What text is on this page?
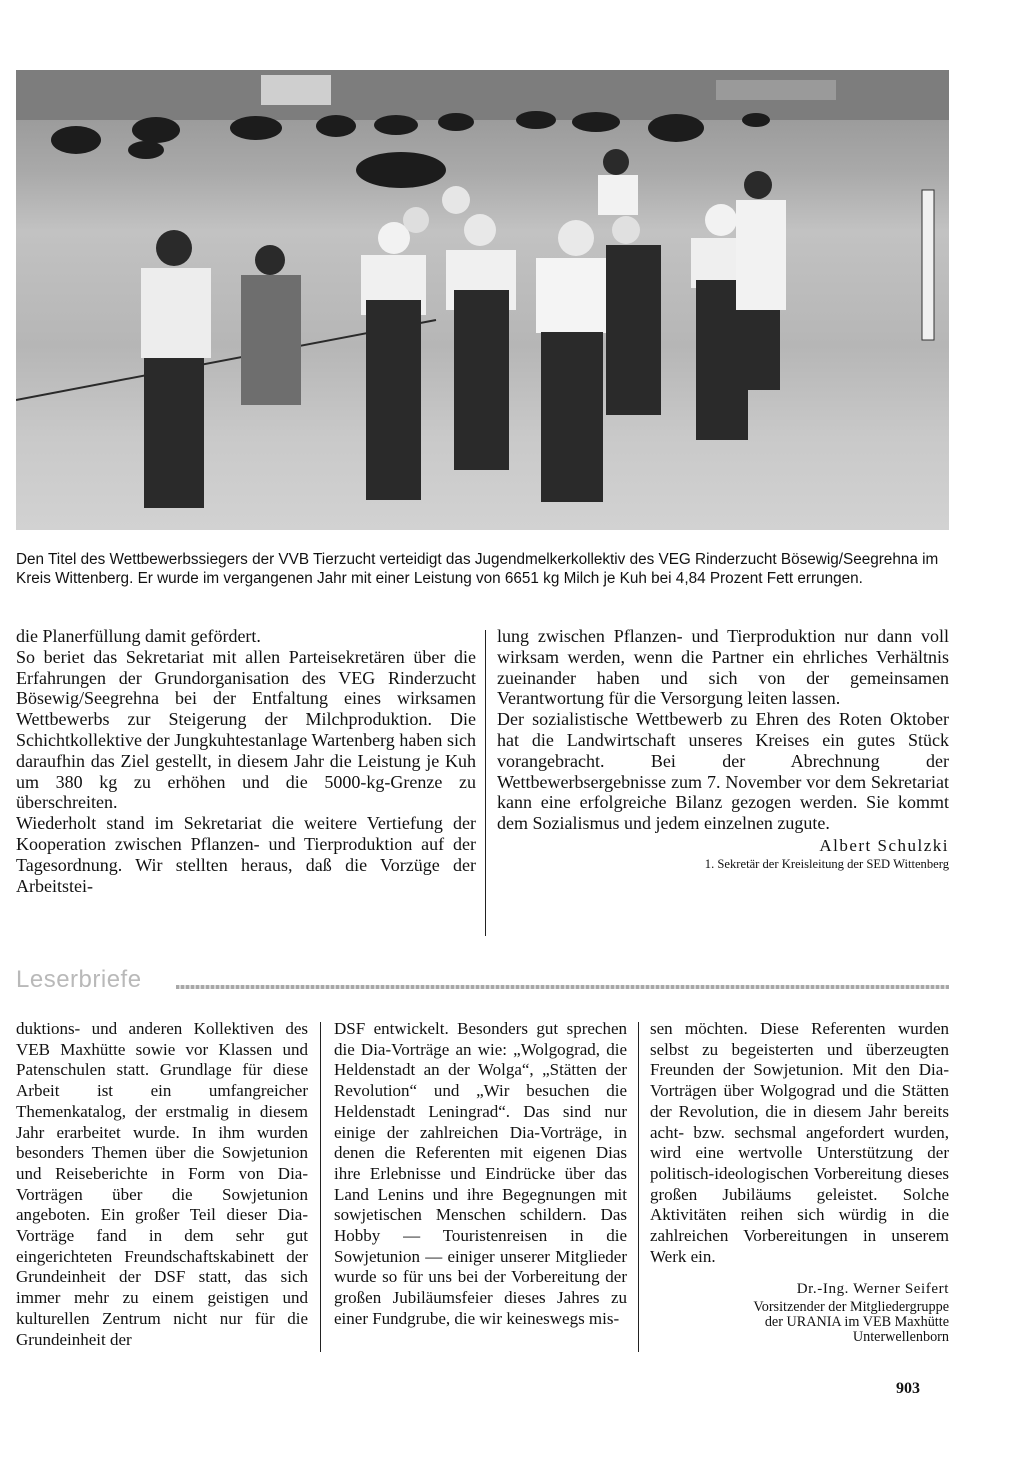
Den Titel des Wettbewerbssiegers der VVB Tierzucht verteidigt das Jugendmelkerkollektiv des VEG Rinderzucht Bösewig/Seegrehna im Kreis Wittenberg. Er wurde im vergangenen Jahr mit einer Leistung von 6651 kg Milch je Kuh bei 4,84 Prozent Fett errungen.

die Planerfüllung damit gefördert.

So beriet das Sekretariat mit allen Parteisekretären über die Erfahrungen der Grundorganisation des VEG Rinderzucht Bösewig/Seegrehna bei der Entfaltung eines wirksamen Wettbewerbs zur Steigerung der Milchproduktion. Die Schichtkollektive der Jungkuhtestanlage Wartenberg haben sich daraufhin das Ziel gestellt, in diesem Jahr die Leistung je Kuh um 380 kg zu erhöhen und die 5000-kg-Grenze zu überschreiten.

Wiederholt stand im Sekretariat die weitere Vertiefung der Kooperation zwischen Pflanzen- und Tierproduktion auf der Tagesordnung. Wir stellten heraus, daß die Vorzüge der Arbeitstei-

lung zwischen Pflanzen- und Tierproduktion nur dann voll wirksam werden, wenn die Partner ein ehrliches Verhältnis zueinander haben und sich von der gemeinsamen Verantwortung für die Versorgung leiten lassen.

Der sozialistische Wettbewerb zu Ehren des Roten Oktober hat die Landwirtschaft unseres Kreises ein gutes Stück vorangebracht. Bei der Abrechnung der Wettbewerbsergebnisse zum 7. November vor dem Sekretariat kann eine erfolgreiche Bilanz gezogen werden. Sie kommt dem Sozialismus und jedem einzelnen zugute.

Albert Schulzki
1. Sekretär der Kreisleitung der SED Wittenberg
Leserbriefe

duktions- und anderen Kollektiven des VEB Maxhütte sowie vor Klassen und Patenschulen statt. Grundlage für diese Arbeit ist ein umfangreicher Themenkatalog, der erstmalig in diesem Jahr erarbeitet wurde. In ihm wurden besonders Themen über die Sowjetunion und Reiseberichte in Form von Dia-Vorträgen über die Sowjetunion angeboten. Ein großer Teil dieser Dia-Vorträge fand in dem sehr gut eingerichteten Freundschaftskabinett der Grundeinheit der DSF statt, das sich immer mehr zu einem geistigen und kulturellen Zentrum nicht nur für die Grundeinheit der

DSF entwickelt. Besonders gut sprechen die Dia-Vorträge an wie: „Wolgograd, die Heldenstadt an der Wolga“, „Stätten der Revolution“ und „Wir besuchen die Heldenstadt Leningrad“. Das sind nur einige der zahlreichen Dia-Vorträge, in denen die Referenten mit eigenen Dias ihre Erlebnisse und Eindrücke über das Land Lenins und ihre Begegnungen mit sowjetischen Menschen schildern. Das Hobby — Touristenreisen in die Sowjetunion — einiger unserer Mitglieder wurde so für uns bei der Vorbereitung der großen Jubiläumsfeier dieses Jahres zu einer Fundgrube, die wir keineswegs mis-

sen möchten. Diese Referenten wurden selbst zu begeisterten und überzeugten Freunden der Sowjetunion. Mit den Dia-Vorträgen über Wolgograd und die Stätten der Revolution, die in diesem Jahr bereits acht- bzw. sechsmal angefordert wurden, wird eine wertvolle Unterstützung der politisch-ideologischen Vorbereitung dieses großen Jubiläums geleistet. Solche Aktivitäten reihen sich würdig in die zahlreichen Vorbereitungen in unserem Werk ein.

Dr.-Ing. Werner Seifert
Vorsitzender der Mitgliedergruppe
der URANIA im VEB Maxhütte
Unterwellenborn
903
